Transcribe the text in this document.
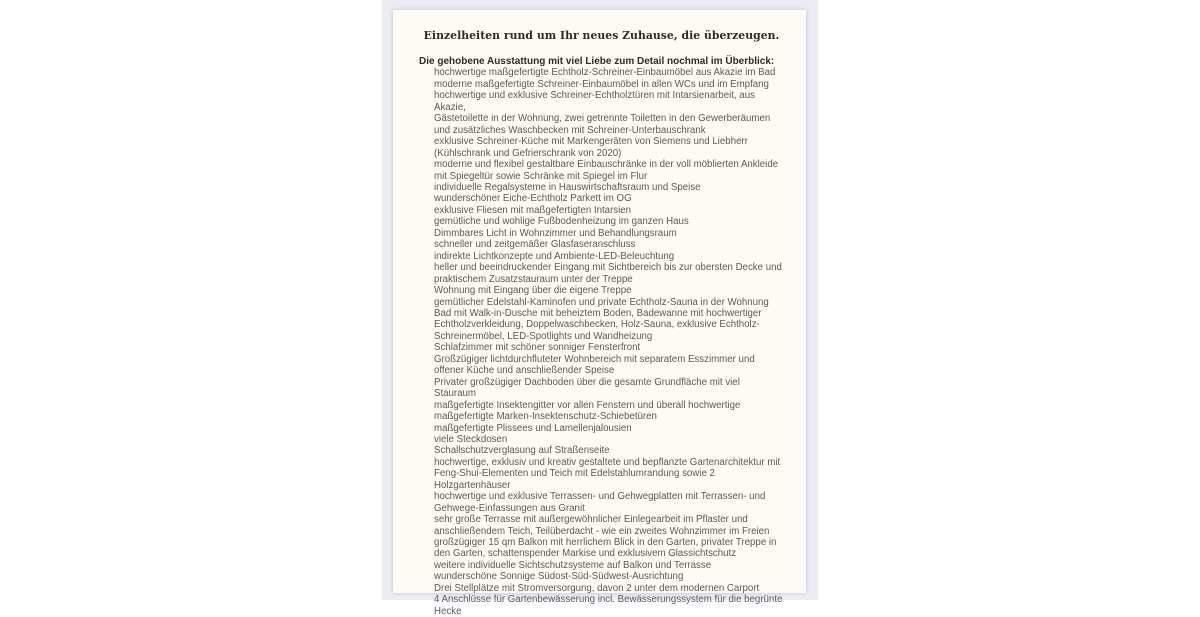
Einzelheiten rund um Ihr neues Zuhause, die überzeugen.

Die gehobene Ausstattung mit viel Liebe zum Detail nochmal im Überblick:

hochwertige maßgefertigte Echtholz-Schreiner-Einbaumöbel aus Akazie im Bad
moderne maßgefertigte Schreiner-Einbaumöbel in allen WCs und im Empfang
hochwertige und exklusive Schreiner-Echtholztüren mit Intarsienarbeit, aus Akazie,
Gästetoilette in der Wohnung, zwei getrennte Toiletten in den Gewerberäumen und zusätzliches Waschbecken mit Schreiner-Unterbauschrank
exklusive Schreiner-Küche mit Markengeräten von Siemens und Liebherr (Kühlschrank und Gefrierschrank von 2020)
moderne und flexibel gestaltbare Einbauschränke in der voll möblierten Ankleide mit Spiegeltür sowie Schränke mit Spiegel im Flur
individuelle Regalsysteme in Hauswirtschaftsraum und Speise
wunderschöner Eiche-Echtholz Parkett im OG
exklusive Fliesen mit maßgefertigten Intarsien
gemütliche und wohlige Fußbodenheizung im ganzen Haus
Dimmbares Licht in Wohnzimmer und Behandlungsraum
schneller und zeitgemäßer Glasfaseranschluss
indirekte Lichtkonzepte und Ambiente-LED-Beleuchtung
heller und beeindruckender Eingang mit Sichtbereich bis zur obersten Decke und praktischem Zusatzstauraum unter der Treppe
Wohnung mit Eingang über die eigene Treppe
gemütlicher Edelstahl-Kaminofen und private Echtholz-Sauna in der Wohnung
Bad mit Walk-in-Dusche mit beheiztem Boden, Badewanne mit hochwertiger Echtholzverkleidung, Doppelwaschbecken, Holz-Sauna, exklusive Echtholz-Schreinermöbel, LED-Spotlights und Wandheizung
Schlafzimmer mit schöner sonniger Fensterfront
Großzügiger lichtdurchfluteter Wohnbereich mit separatem Esszimmer und offener Küche und anschließender Speise
Privater großzügiger Dachboden über die gesamte Grundfläche mit viel Stauraum
maßgefertigte Insektengitter vor allen Fenstern und überall hochwertige maßgefertigte Marken-Insektenschutz-Schiebetüren
maßgefertigte Plissees und Lamellenjalousien
viele Steckdosen
Schallschutzverglasung auf Straßenseite
hochwertige, exklusiv und kreativ gestaltete und bepflanzte Gartenarchitektur mit Feng-Shui-Elementen und Teich mit Edelstahlumrandung sowie 2 Holzgartenhäuser
hochwertige und exklusive Terrassen- und Gehwegplatten mit Terrassen- und Gehwege-Einfassungen aus Granit
sehr große Terrasse mit außergewöhnlicher Einlegearbeit im Pflaster und anschließendem Teich, Teilüberdacht - wie ein zweites Wohnzimmer im Freien
großzügiger 15 qm Balkon mit herrlichem Blick in den Garten, privater Treppe in den Garten, schattenspender Markise und exklusivem Glassichtschutz
weitere individuelle Sichtschutzsysteme auf Balkon und Terrasse
wunderschöne Sonnige Südost-Süd-Südwest-Ausrichtung
Drei Stellplätze mit Stromversorgung, davon 2 unter dem modernen Carport
4 Anschlüsse für Gartenbewässerung incl. Bewässerungssystem für die begrünte Hecke
